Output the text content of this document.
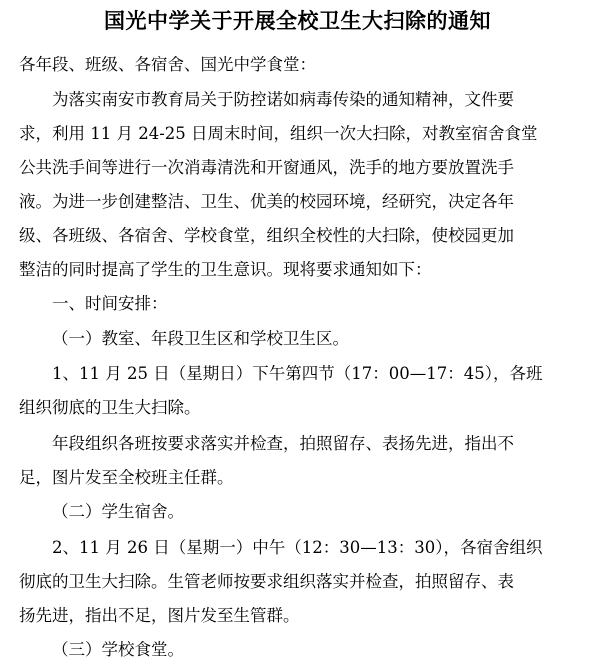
国光中学关于开展全校卫生大扫除的通知
各年段、班级、各宿舍、国光中学食堂：
为落实南安市教育局关于防控诺如病毒传染的通知精神，文件要
求，利用 11 月 24-25 日周末时间，组织一次大扫除，对教室宿舍食堂
公共洗手间等进行一次消毒清洗和开窗通风，洗手的地方要放置洗手
液。为进一步创建整洁、卫生、优美的校园环境，经研究，决定各年
级、各班级、各宿舍、学校食堂，组织全校性的大扫除，使校园更加
整洁的同时提高了学生的卫生意识。现将要求通知如下：
一、时间安排：
（一）教室、年段卫生区和学校卫生区。
1、11 月 25 日（星期日）下午第四节（17：00—17：45），各班
组织彻底的卫生大扫除。
年段组织各班按要求落实并检查，拍照留存、表扬先进，指出不
足，图片发至全校班主任群。
（二）学生宿舍。
2、11 月 26 日（星期一）中午（12：30—13：30），各宿舍组织
彻底的卫生大扫除。生管老师按要求组织落实并检查，拍照留存、表
扬先进，指出不足，图片发至生管群。
（三）学校食堂。
